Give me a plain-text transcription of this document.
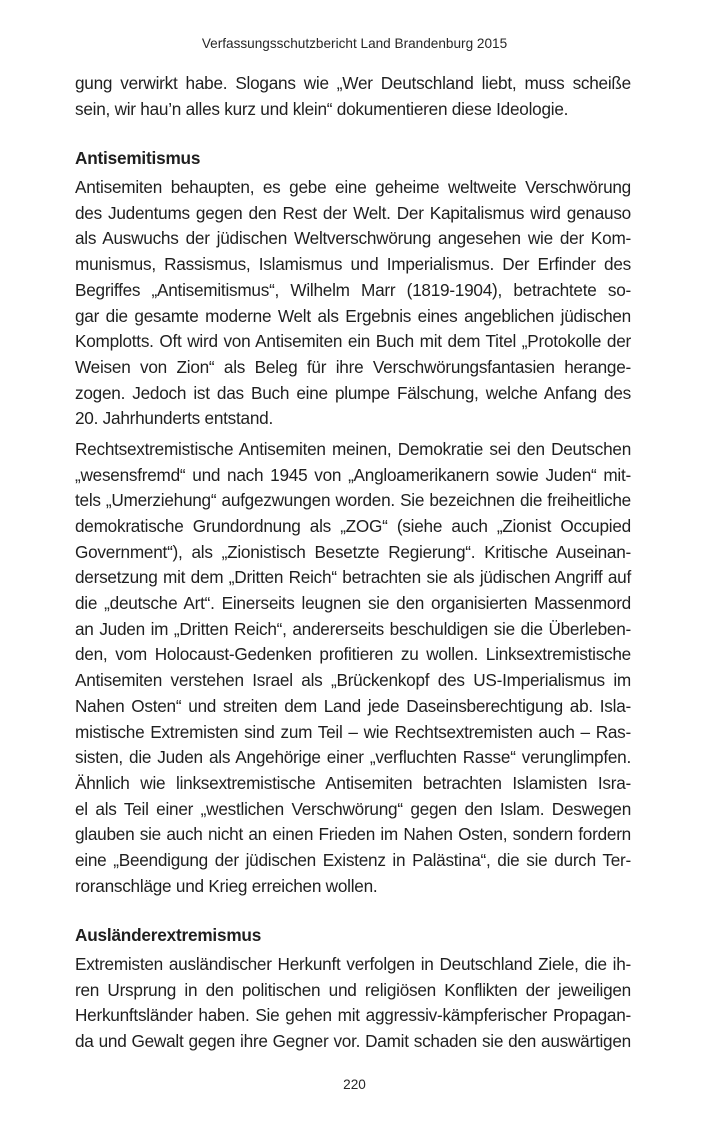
Verfassungsschutzbericht Land Brandenburg 2015
gung verwirkt habe. Slogans wie „Wer Deutschland liebt, muss scheiße
sein, wir hau’n alles kurz und klein“ dokumentieren diese Ideologie.
Antisemitismus
Antisemiten behaupten, es gebe eine geheime weltweite Verschwörung
des Judentums gegen den Rest der Welt. Der Kapitalismus wird genauso
als Auswuchs der jüdischen Weltverschwörung angesehen wie der Kom-
munismus, Rassismus, Islamismus und Imperialismus. Der Erfinder des
Begriffes „Antisemitismus“, Wilhelm Marr (1819-1904), betrachtete so-
gar die gesamte moderne Welt als Ergebnis eines angeblichen jüdischen
Komplotts. Oft wird von Antisemiten ein Buch mit dem Titel „Protokolle der
Weisen von Zion“ als Beleg für ihre Verschwörungsfantasien herange-
zogen. Jedoch ist das Buch eine plumpe Fälschung, welche Anfang des
20. Jahrhunderts entstand.
Rechtsextremistische Antisemiten meinen, Demokratie sei den Deutschen
„wesensfremd“ und nach 1945 von „Angloamerikanern sowie Juden“ mit-
tels „Umerziehung“ aufgezwungen worden. Sie bezeichnen die freiheitliche
demokratische Grundordnung als „ZOG“ (siehe auch „Zionist Occupied
Government“), als „Zionistisch Besetzte Regierung“. Kritische Auseinan-
dersetzung mit dem „Dritten Reich“ betrachten sie als jüdischen Angriff auf
die „deutsche Art“. Einerseits leugnen sie den organisierten Massenmord
an Juden im „Dritten Reich“, andererseits beschuldigen sie die Überleben-
den, vom Holocaust-Gedenken profitieren zu wollen. Linksextremistische
Antisemiten verstehen Israel als „Brückenkopf des US-Imperialismus im
Nahen Osten“ und streiten dem Land jede Daseinsberechtigung ab. Isla-
mistische Extremisten sind zum Teil – wie Rechtsextremisten auch – Ras-
sisten, die Juden als Angehörige einer „verfluchten Rasse“ verunglimpfen.
Ähnlich wie linksextremistische Antisemiten betrachten Islamisten Isra-
el als Teil einer „westlichen Verschwörung“ gegen den Islam. Deswegen
glauben sie auch nicht an einen Frieden im Nahen Osten, sondern fordern
eine „Beendigung der jüdischen Existenz in Palästina“, die sie durch Ter-
roranschläge und Krieg erreichen wollen.
Ausländerextremismus
Extremisten ausländischer Herkunft verfolgen in Deutschland Ziele, die ih-
ren Ursprung in den politischen und religiösen Konflikten der jeweiligen
Herkunftsländer haben. Sie gehen mit aggressiv-kämpferischer Propagan-
da und Gewalt gegen ihre Gegner vor. Damit schaden sie den auswärtigen
220
